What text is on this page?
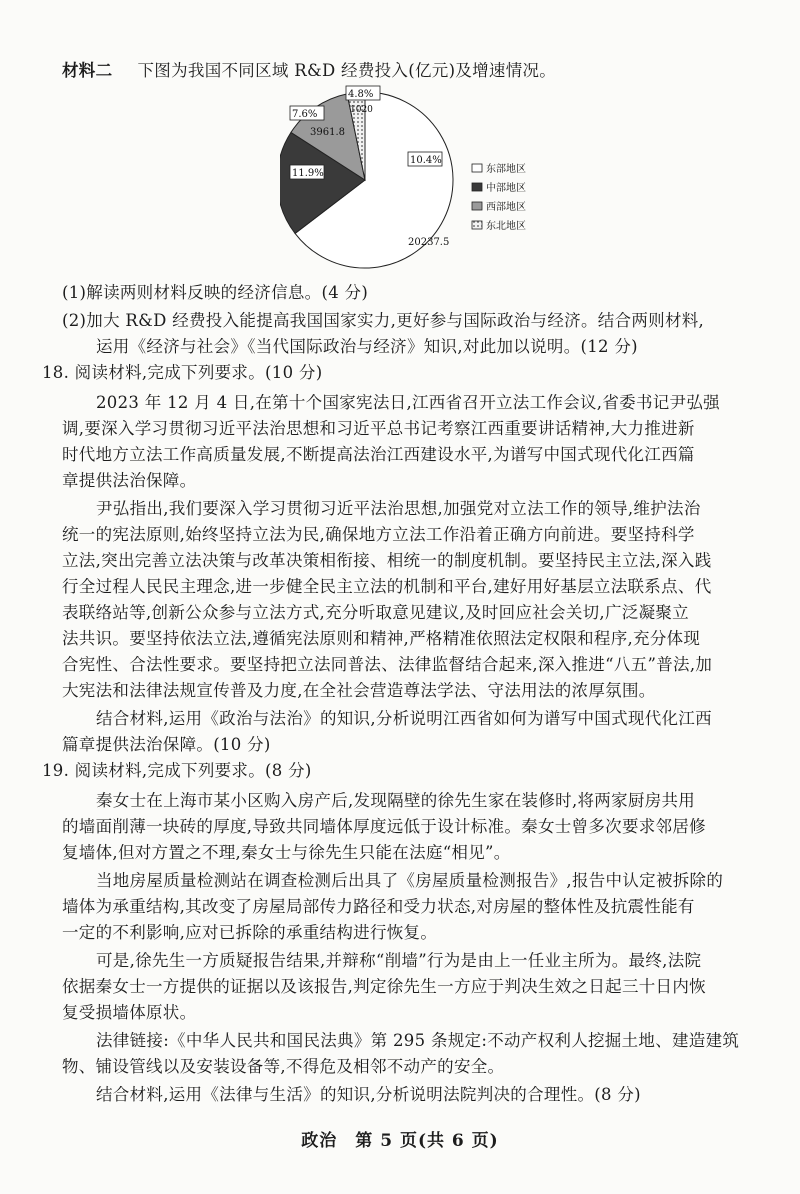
材料二 下图为我国不同区域 R&D 经费投入(亿元)及增速情况。
20237.5
10.4%
11.9%
3961.8
7.6%	1020
4.8%
东部地区
中部地区
西部地区
东北地区
(1)解读两则材料反映的经济信息。(4 分)
(2)加大 R&D 经费投入能提高我国国家实力,更好参与国际政治与经济。结合两则材料,
运用《经济与社会》《当代国际政治与经济》知识,对此加以说明。(12 分)
18. 阅读材料,完成下列要求。(10 分)
2023 年 12 月 4 日,在第十个国家宪法日,江西省召开立法工作会议,省委书记尹弘强
调,要深入学习贯彻习近平法治思想和习近平总书记考察江西重要讲话精神,大力推进新
时代地方立法工作高质量发展,不断提高法治江西建设水平,为谱写中国式现代化江西篇
章提供法治保障。
尹弘指出,我们要深入学习贯彻习近平法治思想,加强党对立法工作的领导,维护法治
统一的宪法原则,始终坚持立法为民,确保地方立法工作沿着正确方向前进。要坚持科学
立法,突出完善立法决策与改革决策相衔接、相统一的制度机制。要坚持民主立法,深入践
行全过程人民民主理念,进一步健全民主立法的机制和平台,建好用好基层立法联系点、代
表联络站等,创新公众参与立法方式,充分听取意见建议,及时回应社会关切,广泛凝聚立
法共识。要坚持依法立法,遵循宪法原则和精神,严格精准依照法定权限和程序,充分体现
合宪性、合法性要求。要坚持把立法同普法、法律监督结合起来,深入推进“八五”普法,加
大宪法和法律法规宣传普及力度,在全社会营造尊法学法、守法用法的浓厚氛围。
结合材料,运用《政治与法治》的知识,分析说明江西省如何为谱写中国式现代化江西
篇章提供法治保障。(10 分)
19. 阅读材料,完成下列要求。(8 分)
秦女士在上海市某小区购入房产后,发现隔壁的徐先生家在装修时,将两家厨房共用
的墙面削薄一块砖的厚度,导致共同墙体厚度远低于设计标准。秦女士曾多次要求邻居修
复墙体,但对方置之不理,秦女士与徐先生只能在法庭“相见”。
当地房屋质量检测站在调查检测后出具了《房屋质量检测报告》,报告中认定被拆除的
墙体为承重结构,其改变了房屋局部传力路径和受力状态,对房屋的整体性及抗震性能有
一定的不利影响,应对已拆除的承重结构进行恢复。
可是,徐先生一方质疑报告结果,并辩称“削墙”行为是由上一任业主所为。最终,法院
依据秦女士一方提供的证据以及该报告,判定徐先生一方应于判决生效之日起三十日内恢
复受损墙体原状。
法律链接:《中华人民共和国民法典》第 295 条规定:不动产权利人挖掘土地、建造建筑
物、铺设管线以及安装设备等,不得危及相邻不动产的安全。
结合材料,运用《法律与生活》的知识,分析说明法院判决的合理性。(8 分)
政治　第 5 页(共 6 页)
